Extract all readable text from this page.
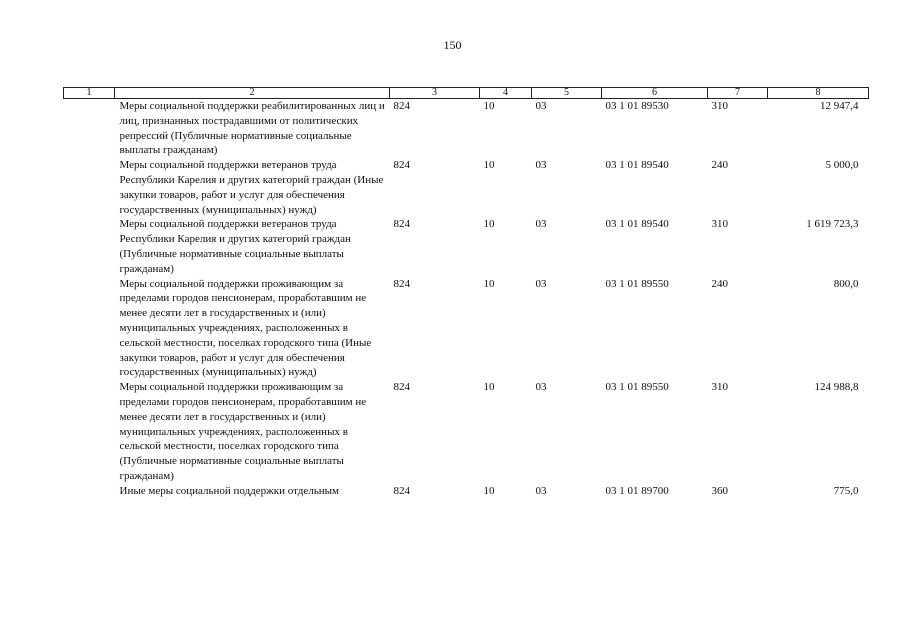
150
1	2	3	4	5	6	7	8
	Меры социальной поддержки реабилитированных лиц и лиц, признанных пострадавшими от политических репрессий (Публичные нормативные социальные выплаты гражданам)	824	10	03	03 1 01 89530	310	12 947,4
	Меры социальной поддержки ветеранов труда Республики Карелия и других категорий граждан (Иные закупки товаров, работ и услуг для обеспечения государственных (муниципальных) нужд)	824	10	03	03 1 01 89540	240	5 000,0
	Меры социальной поддержки ветеранов труда Республики Карелия и других категорий граждан (Публичные нормативные социальные выплаты гражданам)	824	10	03	03 1 01 89540	310	1 619 723,3
	Меры социальной поддержки проживающим за пределами городов пенсионерам, проработавшим не менее десяти лет в государственных и (или) муниципальных учреждениях, расположенных в сельской местности, поселках городского типа (Иные закупки товаров, работ и услуг для обеспечения государственных (муниципальных) нужд)	824	10	03	03 1 01 89550	240	800,0
	Меры социальной поддержки проживающим за пределами городов пенсионерам, проработавшим не менее десяти лет в государственных и (или) муниципальных учреждениях, расположенных в сельской местности, поселках городского типа (Публичные нормативные социальные выплаты гражданам)	824	10	03	03 1 01 89550	310	124 988,8
	Иные меры социальной поддержки отдельным	824	10	03	03 1 01 89700	360	775,0
